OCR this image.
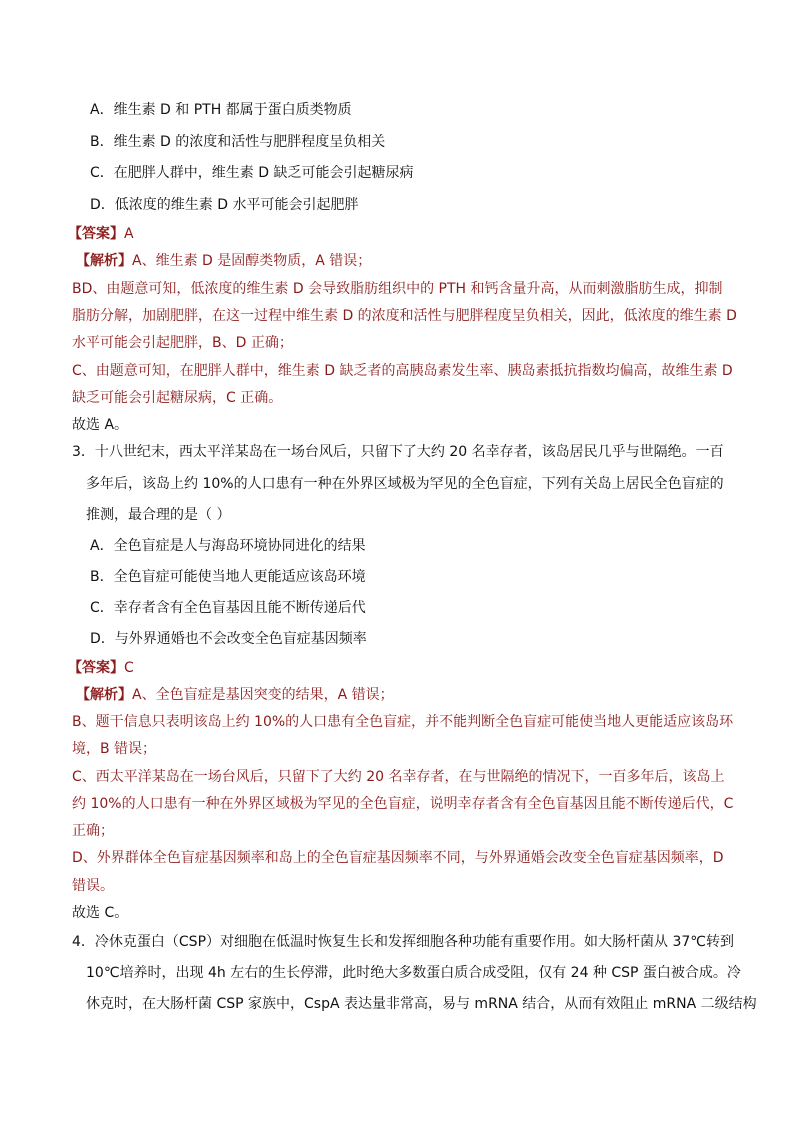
A．维生素 D 和 PTH 都属于蛋白质类物质
B．维生素 D 的浓度和活性与肥胖程度呈负相关
C．在肥胖人群中，维生素 D 缺乏可能会引起糖尿病
D．低浓度的维生素 D 水平可能会引起肥胖
【答案】A
【解析】A、维生素 D 是固醇类物质，A 错误；
BD、由题意可知，低浓度的维生素 D 会导致脂肪组织中的 PTH 和钙含量升高，从而刺激脂肪生成，抑制
脂肪分解，加剧肥胖，在这一过程中维生素 D 的浓度和活性与肥胖程度呈负相关，因此，低浓度的维生素 D
水平可能会引起肥胖，B、D 正确；
C、由题意可知，在肥胖人群中，维生素 D 缺乏者的高胰岛素发生率、胰岛素抵抗指数均偏高，故维生素 D
缺乏可能会引起糖尿病，C 正确。
故选 A。
3．十八世纪末，西太平洋某岛在一场台风后，只留下了大约 20 名幸存者，该岛居民几乎与世隔绝。一百
多年后，该岛上约 10%的人口患有一种在外界区域极为罕见的全色盲症，下列有关岛上居民全色盲症的
推测，最合理的是（ ）
A．全色盲症是人与海岛环境协同进化的结果
B．全色盲症可能使当地人更能适应该岛环境
C．幸存者含有全色盲基因且能不断传递后代
D．与外界通婚也不会改变全色盲症基因频率
【答案】C
【解析】A、全色盲症是基因突变的结果，A 错误；
B、题干信息只表明该岛上约 10%的人口患有全色盲症，并不能判断全色盲症可能使当地人更能适应该岛环
境，B 错误；
C、西太平洋某岛在一场台风后，只留下了大约 20 名幸存者，在与世隔绝的情况下，一百多年后，该岛上
约 10%的人口患有一种在外界区域极为罕见的全色盲症，说明幸存者含有全色盲基因且能不断传递后代，C
正确；
D、外界群体全色盲症基因频率和岛上的全色盲症基因频率不同，与外界通婚会改变全色盲症基因频率，D
错误。
故选 C。
4．冷休克蛋白（CSP）对细胞在低温时恢复生长和发挥细胞各种功能有重要作用。如大肠杆菌从 37℃转到
10℃培养时，出现 4h 左右的生长停滞，此时绝大多数蛋白质合成受阻，仅有 24 种 CSP 蛋白被合成。冷
休克时，在大肠杆菌 CSP 家族中，CspA 表达量非常高，易与 mRNA 结合，从而有效阻止 mRNA 二级结构
